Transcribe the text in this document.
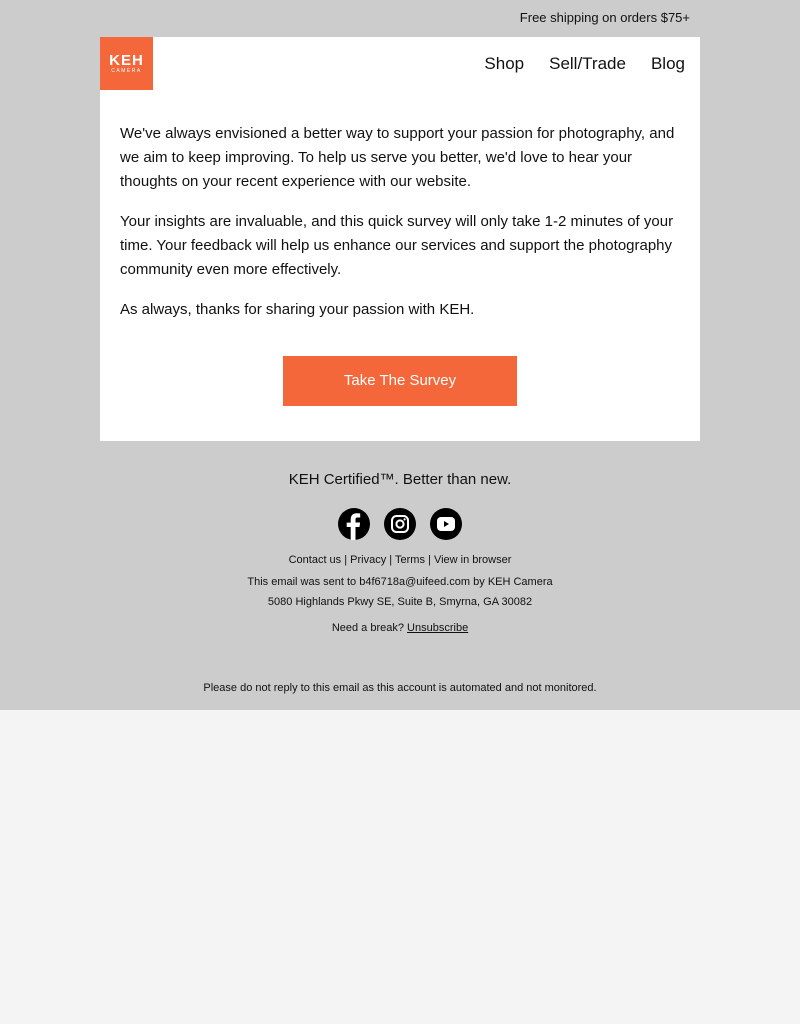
Free shipping on orders $75+
KEH
CAMERA	Shop Sell/Trade Blog

We've always envisioned a better way to support your passion for photography, and we aim to keep improving. To help us serve you better, we'd love to hear your thoughts on your recent experience with our website.

Your insights are invaluable, and this quick survey will only take 1-2 minutes of your time. Your feedback will help us enhance our services and support the photography community even more effectively.

As always, thanks for sharing your passion with KEH.

Take The Survey
KEH Certified™. Better than new.
Contact us | Privacy | Terms | View in browser
This email was sent to b4f6718a@uifeed.com by KEH Camera
5080 Highlands Pkwy SE, Suite B, Smyrna, GA 30082
Need a break? Unsubscribe
Please do not reply to this email as this account is automated and not monitored.
